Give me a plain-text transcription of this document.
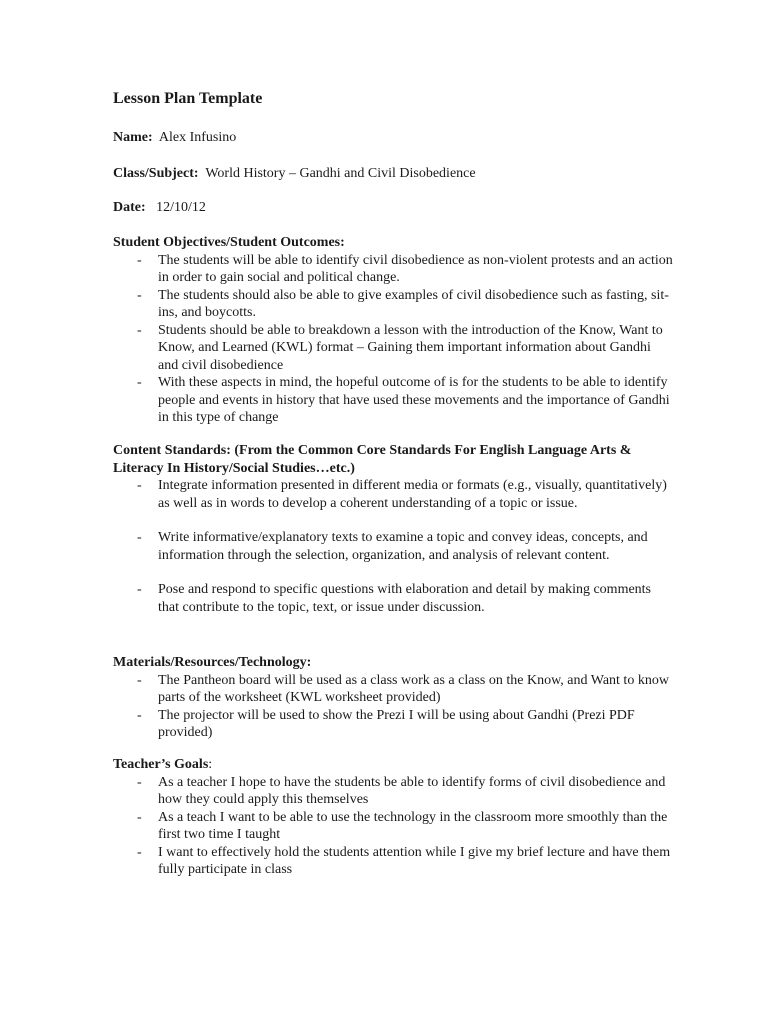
Lesson Plan Template
Name: Alex Infusino
Class/Subject: World History – Gandhi and Civil Disobedience
Date: 12/10/12
Student Objectives/Student Outcomes:
- The students will be able to identify civil disobedience as non-violent protests and an action in order to gain social and political change.
- The students should also be able to give examples of civil disobedience such as fasting, sit-ins, and boycotts.
- Students should be able to breakdown a lesson with the introduction of the Know, Want to Know, and Learned (KWL) format – Gaining them important information about Gandhi and civil disobedience
- With these aspects in mind, the hopeful outcome of is for the students to be able to identify people and events in history that have used these movements and the importance of Gandhi in this type of change
Content Standards: (From the Common Core Standards For English Language Arts & Literacy In History/Social Studies…etc.)
- Integrate information presented in different media or formats (e.g., visually, quantitatively) as well as in words to develop a coherent understanding of a topic or issue.
- Write informative/explanatory texts to examine a topic and convey ideas, concepts, and information through the selection, organization, and analysis of relevant content.
- Pose and respond to specific questions with elaboration and detail by making comments that contribute to the topic, text, or issue under discussion.
Materials/Resources/Technology:
- The Pantheon board will be used as a class work as a class on the Know, and Want to know parts of the worksheet (KWL worksheet provided)
- The projector will be used to show the Prezi I will be using about Gandhi (Prezi PDF provided)
Teacher’s Goals:
- As a teacher I hope to have the students be able to identify forms of civil disobedience and how they could apply this themselves
- As a teach I want to be able to use the technology in the classroom more smoothly than the first two time I taught
- I want to effectively hold the students attention while I give my brief lecture and have them fully participate in class
